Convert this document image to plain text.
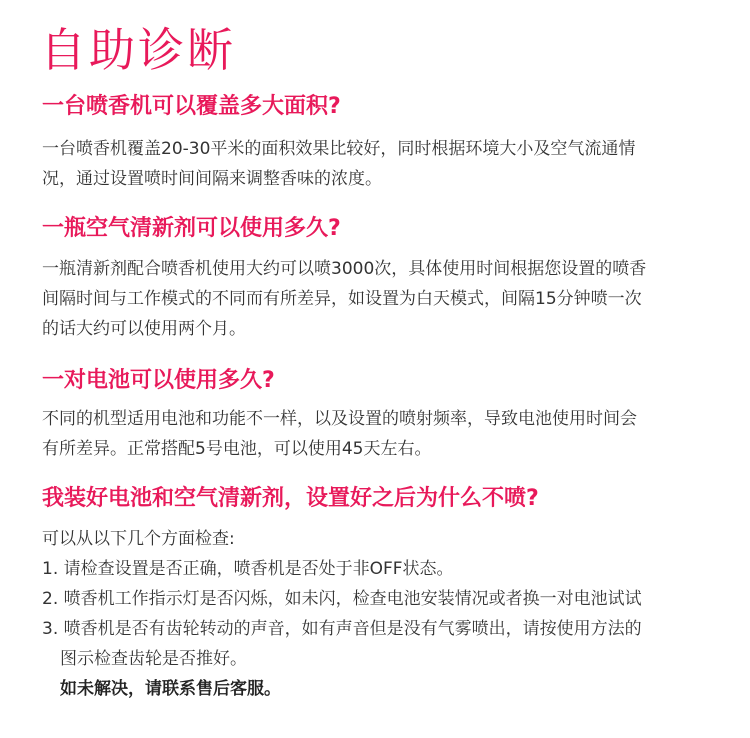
自助诊断
一台喷香机可以覆盖多大面积?
一台喷香机覆盖20-30平米的面积效果比较好，同时根据环境大小及空气流通情
况，通过设置喷时间间隔来调整香味的浓度。
一瓶空气清新剂可以使用多久?
一瓶清新剂配合喷香机使用大约可以喷3000次，具体使用时间根据您设置的喷香
间隔时间与工作模式的不同而有所差异，如设置为白天模式，间隔15分钟喷一次
的话大约可以使用两个月。
一对电池可以使用多久?
不同的机型适用电池和功能不一样，以及设置的喷射频率，导致电池使用时间会
有所差异。正常搭配5号电池，可以使用45天左右。
我装好电池和空气清新剂，设置好之后为什么不喷?
可以从以下几个方面检查:
1. 请检查设置是否正确，喷香机是否处于非OFF状态。
2. 喷香机工作指示灯是否闪烁，如未闪，检查电池安装情况或者换一对电池试试
3. 喷香机是否有齿轮转动的声音，如有声音但是没有气雾喷出，请按使用方法的
图示检查齿轮是否推好。
如未解决，请联系售后客服。
